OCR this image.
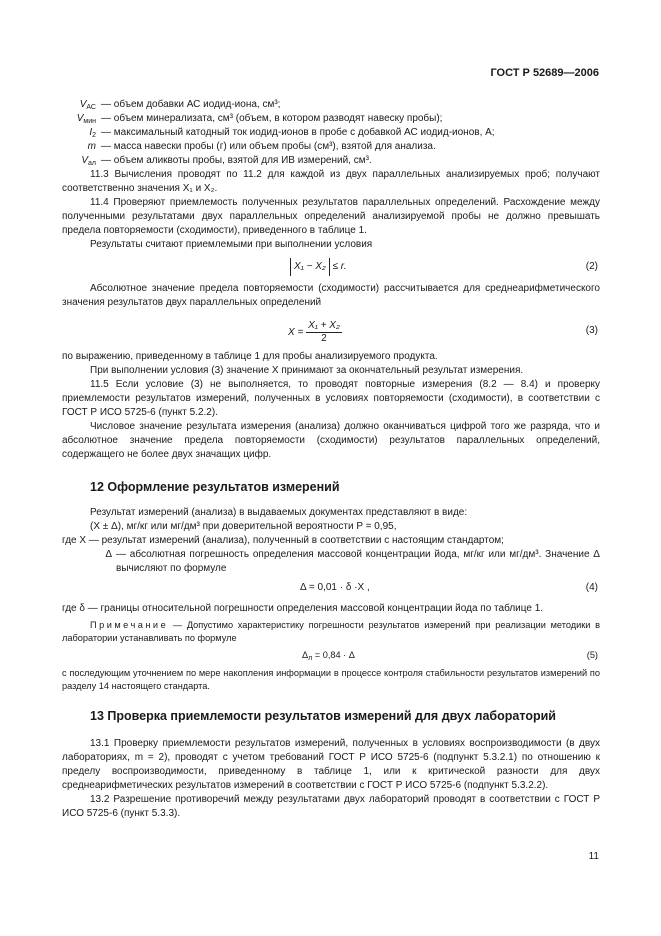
ГОСТ Р 52689—2006
$V_{АС}$ — объем добавки АС иодид-иона, см³;
$V_{мин}$ — объем минерализата, см³ (объем, в котором разводят навеску пробы);
$I_2$ — максимальный катодный ток иодид-ионов в пробе с добавкой АС иодид-ионов, А;
m — масса навески пробы (г) или объем пробы (см³), взятой для анализа.
$V_{ал}$ — объем аликвоты пробы, взятой для ИВ измерений, см³.

11.3 Вычисления проводят по 11.2 для каждой из двух параллельных анализируемых проб; получают соответственно значения X₁ и X₂.

11.4 Проверяют приемлемость полученных результатов параллельных определений. Расхождение между полученными результатами двух параллельных определений анализируемой пробы не должно превышать предела повторяемости (сходимости), приведенного в таблице 1.

Результаты считают приемлемыми при выполнении условия

X₁ − X₂ ≤ r.	(2)

Абсолютное значение предела повторяемости (сходимости) рассчитывается для среднеарифметического значения результатов двух параллельных определений

$X = \frac{\text{X₁ + X₂}}{2}$	(3)

по выражению, приведенному в таблице 1 для пробы анализируемого продукта.

При выполнении условия (3) значение X принимают за окончательный результат измерения.

11.5 Если условие (3) не выполняется, то проводят повторные измерения (8.2 — 8.4) и проверку приемлемости результатов измерений, полученных в условиях повторяемости (сходимости), в соответствии с ГОСТ Р ИСО 5725-6 (пункт 5.2.2).

Числовое значение результата измерения (анализа) должно оканчиваться цифрой того же разряда, что и абсолютное значение предела повторяемости (сходимости) результатов параллельных определений, содержащего не более двух значащих цифр.

12 Оформление результатов измерений

Результат измерений (анализа) в выдаваемых документах представляют в виде:

(X ± Δ), мг/кг или мг/дм³ при доверительной вероятности P = 0,95,

где X — результат измерений (анализа), полученный в соответствии с настоящим стандартом;

Δ — абсолютная погрешность определения массовой концентрации йода, мг/кг или мг/дм³. Значение Δ вычисляют по формуле
Δ = 0,01 · δ ·X ,	(4)

где δ — границы относительной погрешности определения массовой концентрации йода по таблице 1.

Примечание — Допустимо характеристику погрешности результатов измерений при реализации методики в лаборатории устанавливать по формуле

$\Delta_л = 0,84 \cdot \Delta$	(5)

с последующим уточнением по мере накопления информации в процессе контроля стабильности результатов измерений по разделу 14 настоящего стандарта.

13 Проверка приемлемости результатов измерений для двух лабораторий

13.1 Проверку приемлемости результатов измерений, полученных в условиях воспроизводимости (в двух лабораториях, m = 2), проводят с учетом требований ГОСТ Р ИСО 5725-6 (подпункт 5.3.2.1) по отношению к пределу воспроизводимости, приведенному в таблице 1, или к критической разности для двух среднеарифметических результатов измерений в соответствии с ГОСТ Р ИСО 5725-6 (подпункт 5.3.2.2).

13.2 Разрешение противоречий между результатами двух лабораторий проводят в соответствии с ГОСТ Р ИСО 5725-6 (пункт 5.3.3).

11
